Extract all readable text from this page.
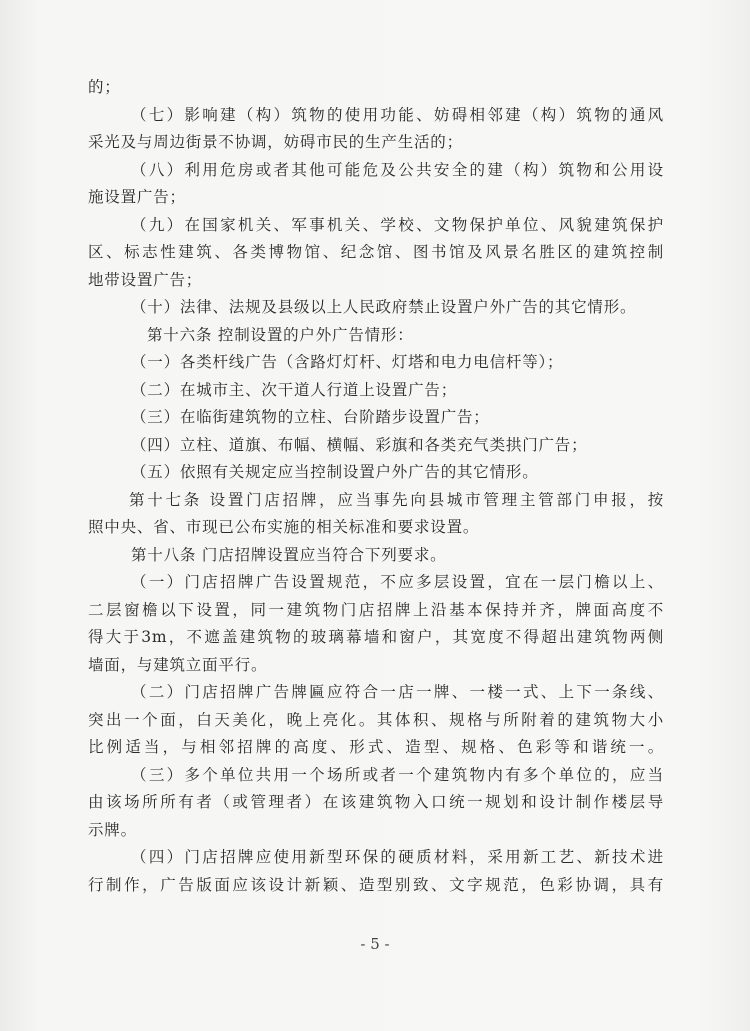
的；
（七）影响建（构）筑物的使用功能、妨碍相邻建（构）筑物的通风
采光及与周边街景不协调，妨碍市民的生产生活的；
（八）利用危房或者其他可能危及公共安全的建（构）筑物和公用设
施设置广告；
（九）在国家机关、军事机关、学校、文物保护单位、风貌建筑保护
区、标志性建筑、各类博物馆、纪念馆、图书馆及风景名胜区的建筑控制
地带设置广告；
（十）法律、法规及县级以上人民政府禁止设置户外广告的其它情形。
第十六条 控制设置的户外广告情形：
（一）各类杆线广告（含路灯灯杆、灯塔和电力电信杆等）；
（二）在城市主、次干道人行道上设置广告；
（三）在临街建筑物的立柱、台阶踏步设置广告；
（四）立柱、道旗、布幅、横幅、彩旗和各类充气类拱门广告；
（五）依照有关规定应当控制设置户外广告的其它情形。
第十七条 设置门店招牌，应当事先向县城市管理主管部门申报，按
照中央、省、市现已公布实施的相关标准和要求设置。
第十八条 门店招牌设置应当符合下列要求。
（一）门店招牌广告设置规范，不应多层设置，宜在一层门檐以上、
二层窗檐以下设置，同一建筑物门店招牌上沿基本保持并齐，牌面高度不
得大于3m，不遮盖建筑物的玻璃幕墙和窗户，其宽度不得超出建筑物两侧
墙面，与建筑立面平行。
（二）门店招牌广告牌匾应符合一店一牌、一楼一式、上下一条线、
突出一个面，白天美化，晚上亮化。其体积、规格与所附着的建筑物大小
比例适当，与相邻招牌的高度、形式、造型、规格、色彩等和谐统一。
（三）多个单位共用一个场所或者一个建筑物内有多个单位的，应当
由该场所所有者（或管理者）在该建筑物入口统一规划和设计制作楼层导
示牌。
（四）门店招牌应使用新型环保的硬质材料，采用新工艺、新技术进
行制作，广告版面应该设计新颖、造型别致、文字规范，色彩协调，具有
- 5 -
